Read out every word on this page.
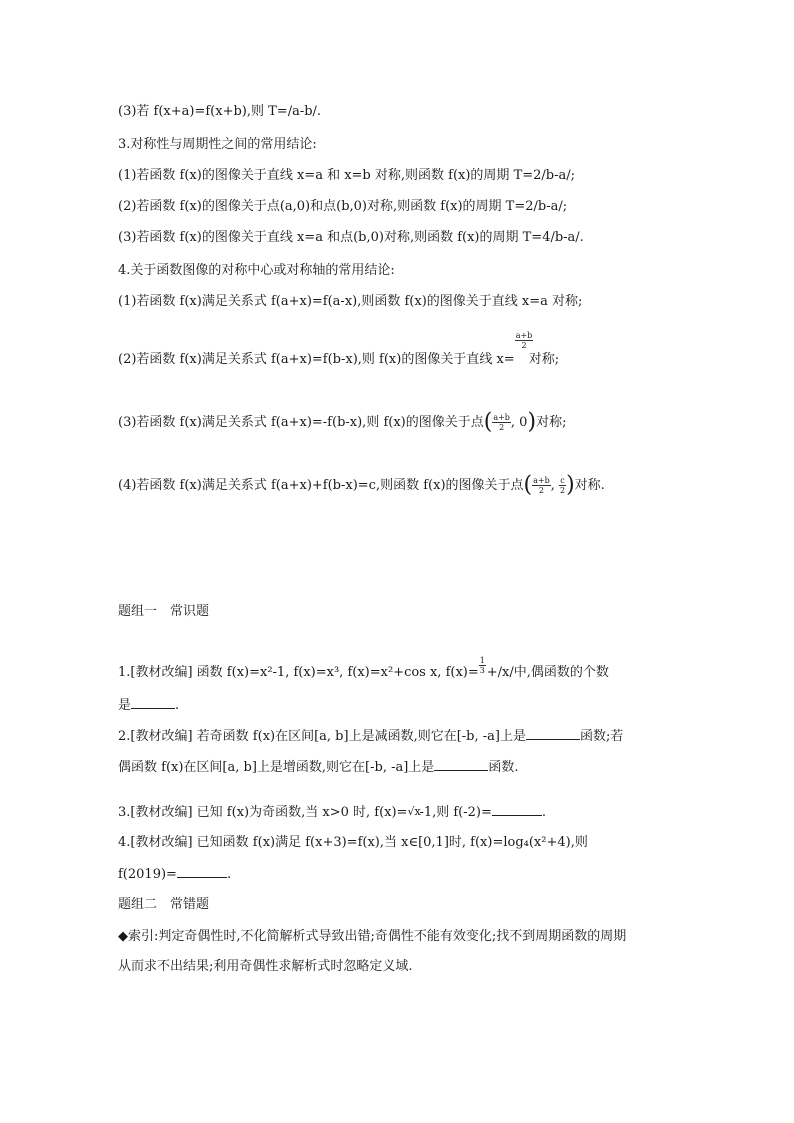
(3)若 f(x+a)=f(x+b),则 T=/a-b/.
3.对称性与周期性之间的常用结论:
(1)若函数 f(x)的图像关于直线 x=a 和 x=b 对称,则函数 f(x)的周期 T=2/b-a/;
(2)若函数 f(x)的图像关于点(a,0)和点(b,0)对称,则函数 f(x)的周期 T=2/b-a/;
(3)若函数 f(x)的图像关于直线 x=a 和点(b,0)对称,则函数 f(x)的周期 T=4/b-a/.
4.关于函数图像的对称中心或对称轴的常用结论:
(1)若函数 f(x)满足关系式 f(a+x)=f(a-x),则函数 f(x)的图像关于直线 x=a 对称;
(2)若函数 f(x)满足关系式 f(a+x)=f(b-x),则 f(x)的图像关于直线 x=
$\frac{a+b}{2}$
对称;
(3)若函数 f(x)满足关系式 f(a+x)=-f(b-x),则 f(x)的图像关于点( $\frac{a+b}{2}$ , 0)对称;
(4)若函数 f(x)满足关系式 f(a+x)+f(b-x)=c,则函数 f(x)的图像关于点( $\frac{a+b}{2}$ , $\frac{c}{2}$ )对称.
题组一　常识题
1.[教材改编] 函数 f(x)=x²-1, f(x)=x³, f(x)=x²+cos x, $f(x)= \frac{1}{3} +/x/$中,偶函数的个数
是	.
2.[教材改编] 若奇函数 f(x)在区间[a, b]上是减函数,则它在[-b, -a]上是	函数;若
偶函数 f(x)在区间[a, b]上是增函数,则它在[-b, -a]上是	函数.
3.[教材改编] 已知 f(x)为奇函数,当 x>0 时, f(x)= √x
-1,则 f(-2)=	.
4.[教材改编] 已知函数 f(x)满足 f(x+3)=f(x),当 x∈[0,1]时, f(x)=log₄(x²+4),则
f(2019)=	.
题组二　常错题
◆索引:判定奇偶性时,不化简解析式导致出错;奇偶性不能有效变化;找不到周期函数的周期
从而求不出结果;利用奇偶性求解析式时忽略定义域.
